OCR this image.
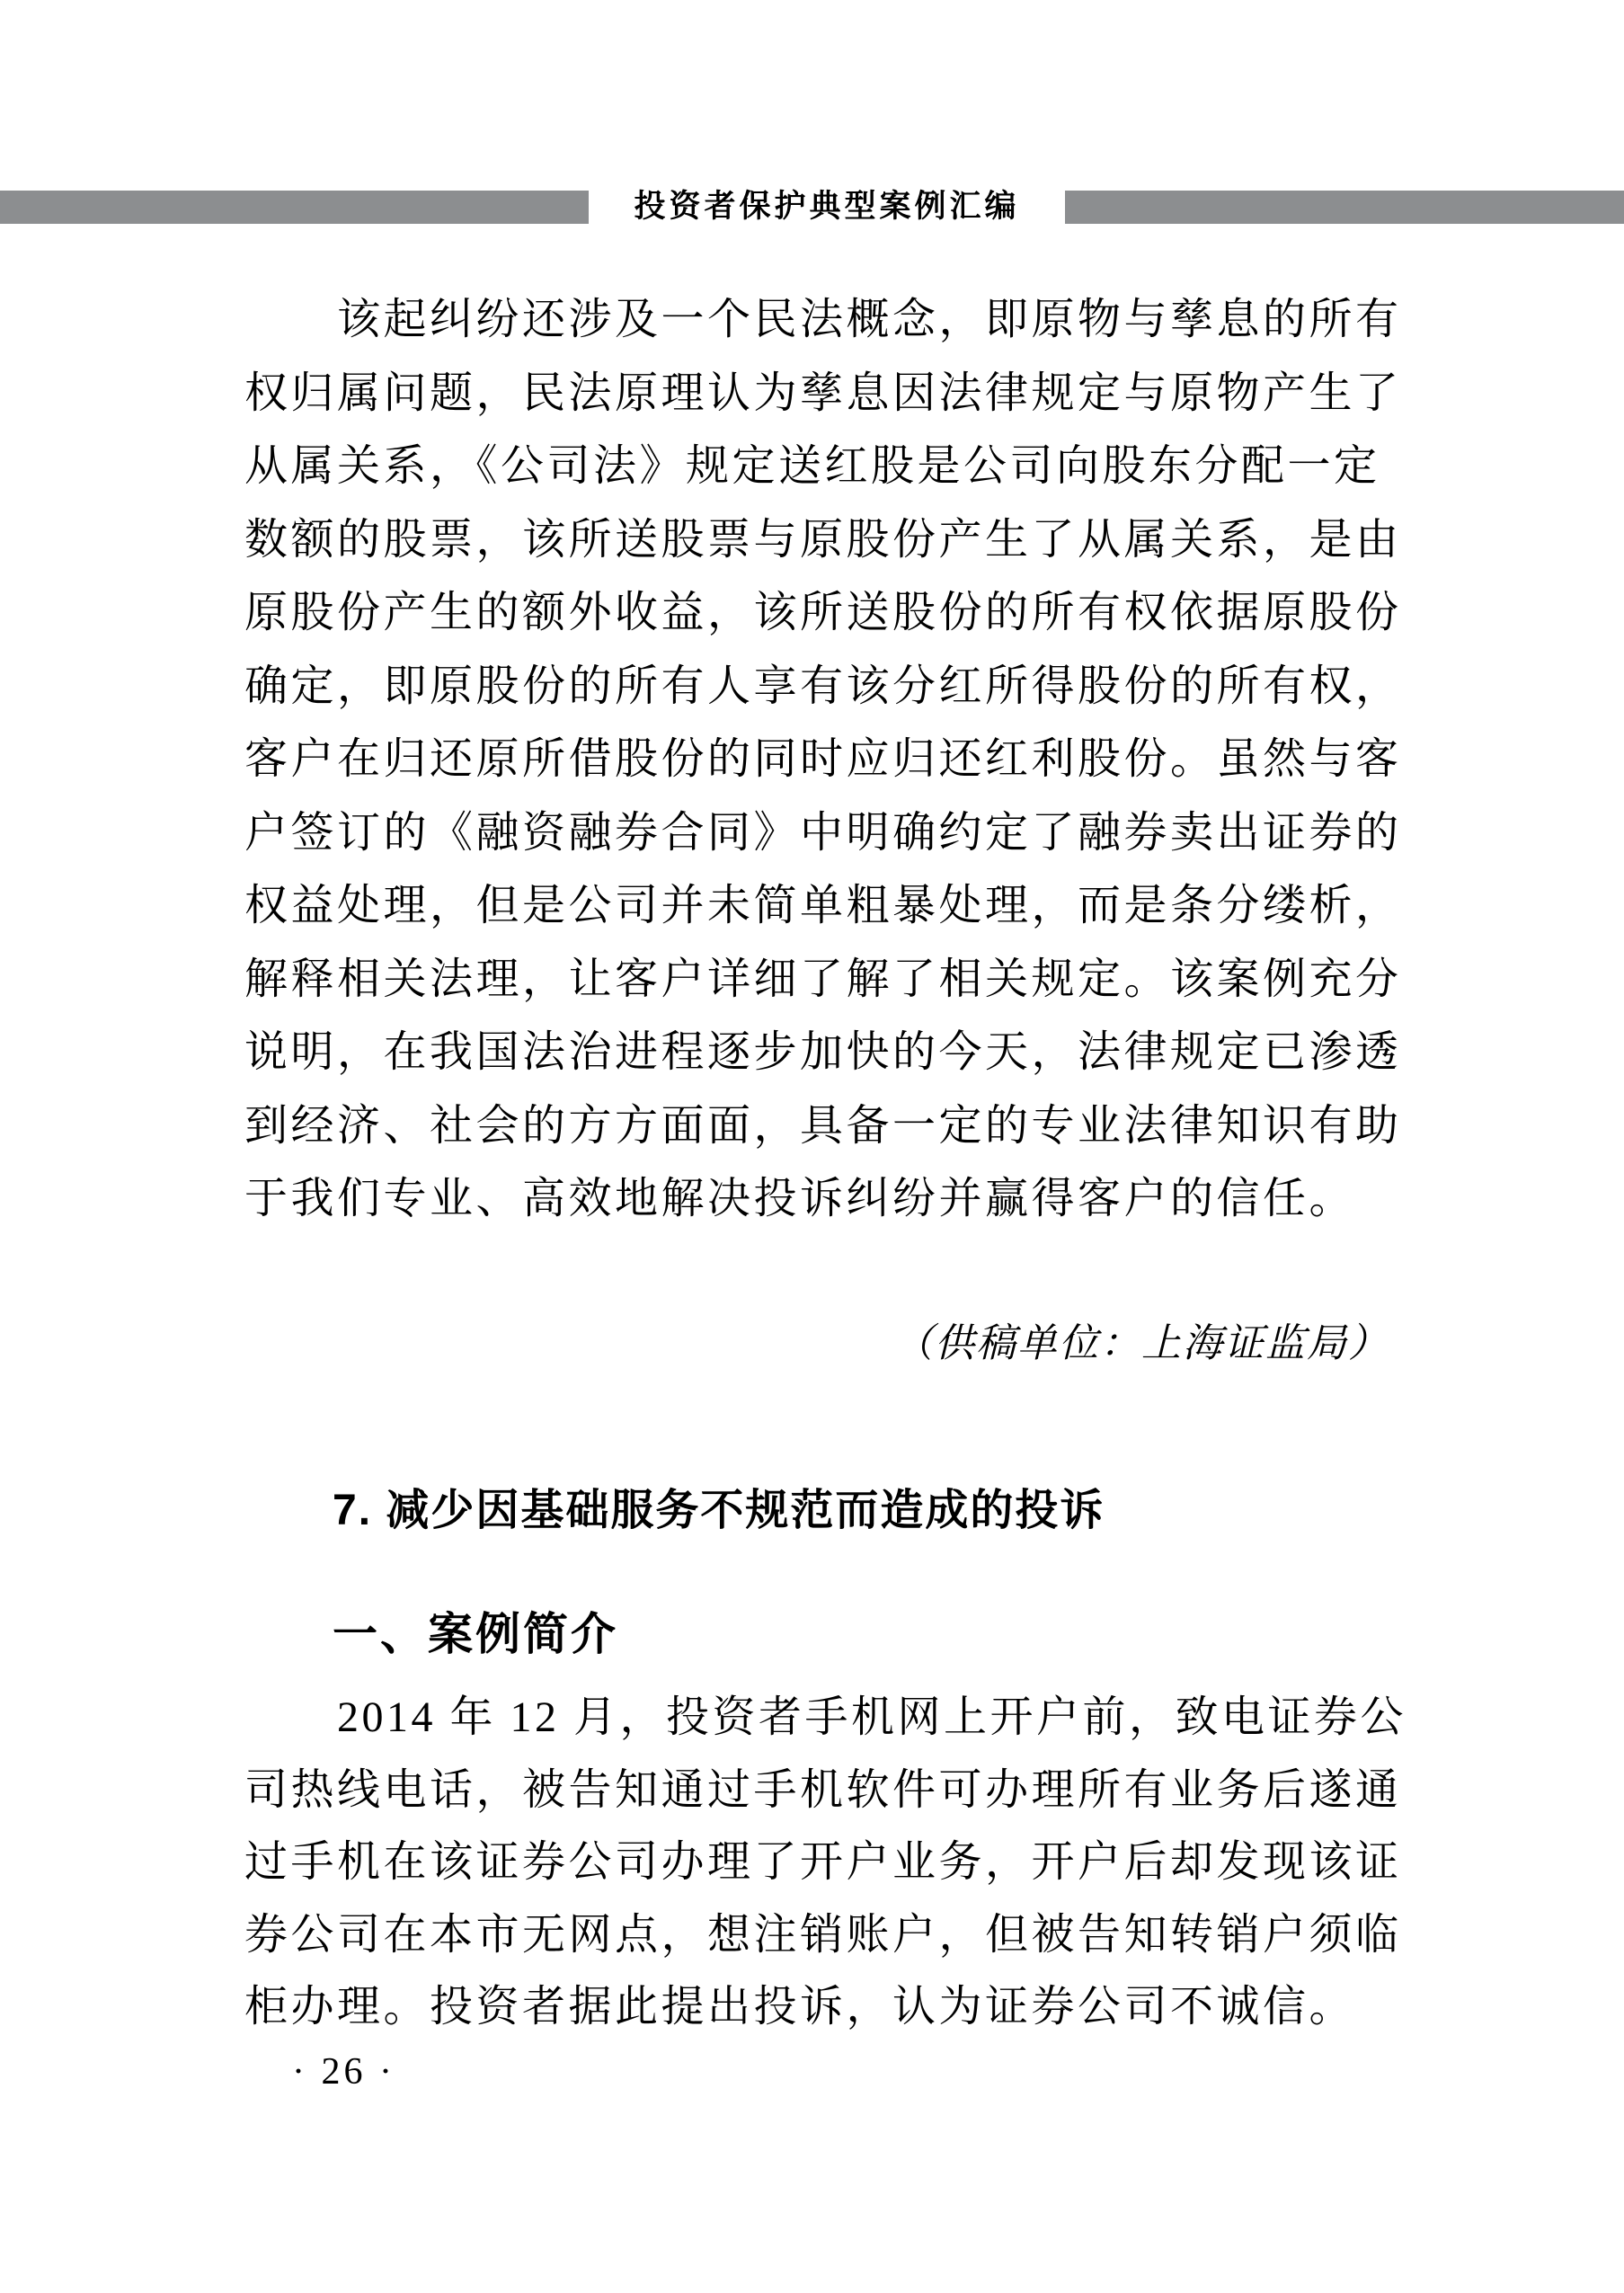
投资者保护典型案例汇编
该起纠纷还涉及一个民法概念，即原物与孳息的所有
权归属问题，民法原理认为孳息因法律规定与原物产生了
从属关系，《公司法》规定送红股是公司向股东分配一定
数额的股票，该所送股票与原股份产生了从属关系，是由
原股份产生的额外收益，该所送股份的所有权依据原股份
确定，即原股份的所有人享有该分红所得股份的所有权，
客户在归还原所借股份的同时应归还红利股份。虽然与客
户签订的《融资融券合同》中明确约定了融券卖出证券的
权益处理，但是公司并未简单粗暴处理，而是条分缕析，
解释相关法理，让客户详细了解了相关规定。该案例充分
说明，在我国法治进程逐步加快的今天，法律规定已渗透
到经济、社会的方方面面，具备一定的专业法律知识有助
于我们专业、高效地解决投诉纠纷并赢得客户的信任。
（供稿单位：上海证监局）
7. 减少因基础服务不规范而造成的投诉
一、案例简介
2014 年 12 月，投资者手机网上开户前，致电证券公
司热线电话，被告知通过手机软件可办理所有业务后遂通
过手机在该证券公司办理了开户业务，开户后却发现该证
券公司在本市无网点，想注销账户，但被告知转销户须临
柜办理。投资者据此提出投诉，认为证券公司不诚信。
· 26 ·
